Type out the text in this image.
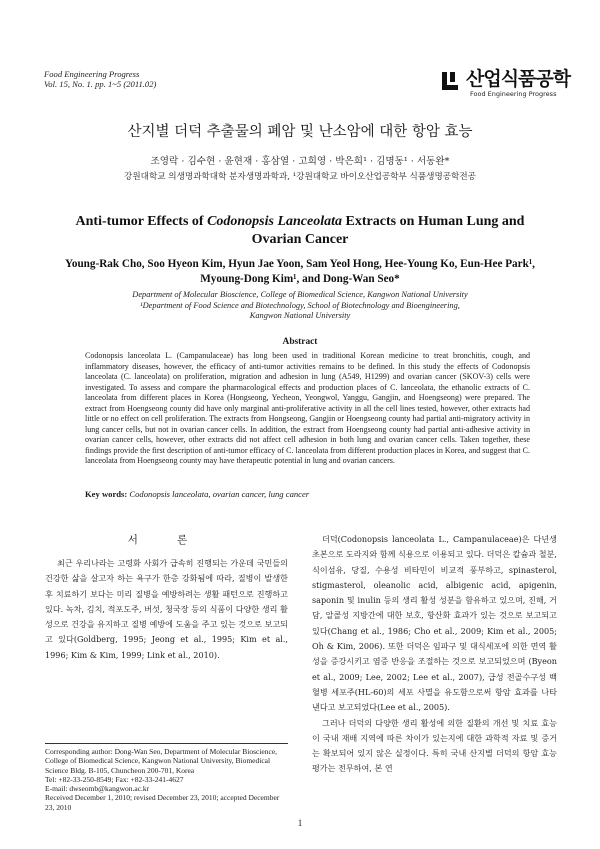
Food Engineering Progress
Vol. 15, No. 1. pp. 1~5 (2011.02)	산업식품공학
Food Engineering Progress
산지별 더덕 추출물의 폐암 및 난소암에 대한 항암 효능
조영락 · 김수현 · 윤현재 · 홍삼열 · 고희영 · 박은희¹ · 김명동¹ · 서동완*
강원대학교 의생명과학대학 분자생명과학과, ¹강원대학교 바이오산업공학부 식품생명공학전공
Anti-tumor Effects of Codonopsis Lanceolata Extracts on Human Lung and Ovarian Cancer
Young-Rak Cho, Soo Hyeon Kim, Hyun Jae Yoon, Sam Yeol Hong, Hee-Young Ko, Eun-Hee Park¹, Myoung-Dong Kim¹, and Dong-Wan Seo*
Department of Molecular Bioscience, College of Biomedical Science, Kangwon National University
¹Department of Food Science and Biotechnology, School of Biotechnology and Bioengineering,
Kangwon National University
Abstract
Codonopsis lanceolata L. (Campanulaceae) has long been used in traditional Korean medicine to treat bronchitis, cough, and inflammatory diseases, however, the efficacy of anti-tumor activities remains to be defined. In this study the effects of Codonopsis lanceolata (C. lanceolata) on proliferation, migration and adhesion in lung (A549, H1299) and ovarian cancer (SKOV-3) cells were investigated. To assess and compare the pharmacological effects and production places of C. lanceolata, the ethanolic extracts of C. lanceolata from different places in Korea (Hongseong, Yecheon, Yeongwol, Yanggu, Gangjin, and Hoengseong) were prepared. The extract from Hoengseong county did have only marginal anti-proliferative activity in all the cell lines tested, however, other extracts had little or no effect on cell proliferation. The extracts from Hongseong, Gangjin or Hoengseong county had partial anti-migratory activity in lung cancer cells, but not in ovarian cancer cells. In addition, the extract from Hoengseong county had partial anti-adhesive activity in ovarian cancer cells, however, other extracts did not affect cell adhesion in both lung and ovarian cancer cells. Taken together, these findings provide the first description of anti-tumor efficacy of C. lanceolata from different production places in Korea, and suggest that C. lanceolata from Hoengseong county may have therapeutic potential in lung and ovarian cancers.
Key words: Codonopsis lanceolata, ovarian cancer, lung cancer
서 론

최근 우리나라는 고령화 사회가 급속히 진행되는 가운데 국민들의 건강한 삶을 살고자 하는 욕구가 한층 강화됨에 따라, 질병이 발생한 후 치료하기 보다는 미리 질병을 예방하려는 생활 패턴으로 진행하고 있다. 녹차, 김치, 적포도주, 버섯, 청국장 등의 식품이 다양한 생리 활성으로 건강을 유지하고 질병 예방에 도움을 주고 있는 것으로 보고되고 있다(Goldberg, 1995; Jeong et al., 1995; Kim et al., 1996; Kim & Kim, 1999; Link et al., 2010).

더덕(Codonopsis lanceolata L., Campanulaceae)은 다년생 초본으로 도라지와 함께 식용으로 이용되고 있다. 더덕은 칼슘과 철분, 식이섬유, 당질, 수용성 비타민이 비교적 풍부하고, spinasterol, stigmasterol, oleanolic acid, albigenic acid, apigenin, saponin 및 inulin 등의 생리 활성 성분을 함유하고 있으며, 진해, 거담, 알콜성 지방간에 대한 보호, 항산화 효과가 있는 것으로 보고되고 있다(Chang et al., 1986; Cho et al., 2009; Kim et al., 2005; Oh & Kim, 2006). 또한 더덕은 임파구 및 대식세포에 의한 면역 활성을 증강시키고 염증 반응을 조절하는 것으로 보고되었으며 (Byeon et al., 2009; Lee, 2002; Lee et al., 2007), 급성 전골수구성 백혈병 세포주(HL-60)의 세포 사멸을 유도함으로써 항암 효과를 나타낸다고 보고되었다(Lee et al., 2005).

그러나 더덕의 다양한 생리 활성에 의한 질환의 개선 및 치료 효능이 국내 재배 지역에 따른 차이가 있는지에 대한 과학적 자료 및 증거는 확보되어 있지 않은 실정이다. 특히 국내 산지별 더덕의 항암 효능 평가는 전무하여, 본 연

Corresponding author: Dong-Wan Seo, Department of Molecular Bioscience, College of Biomedical Science, Kangwon National University, Biomedical Science Bldg. B-105, Chuncheon 200-701, Korea
Tel: +82-33-250-8549; Fax: +82-33-241-4627
E-mail: dwseomb@kangwon.ac.kr
Received December 1, 2010; revised December 23, 2010; accepted December 23, 2010
1
